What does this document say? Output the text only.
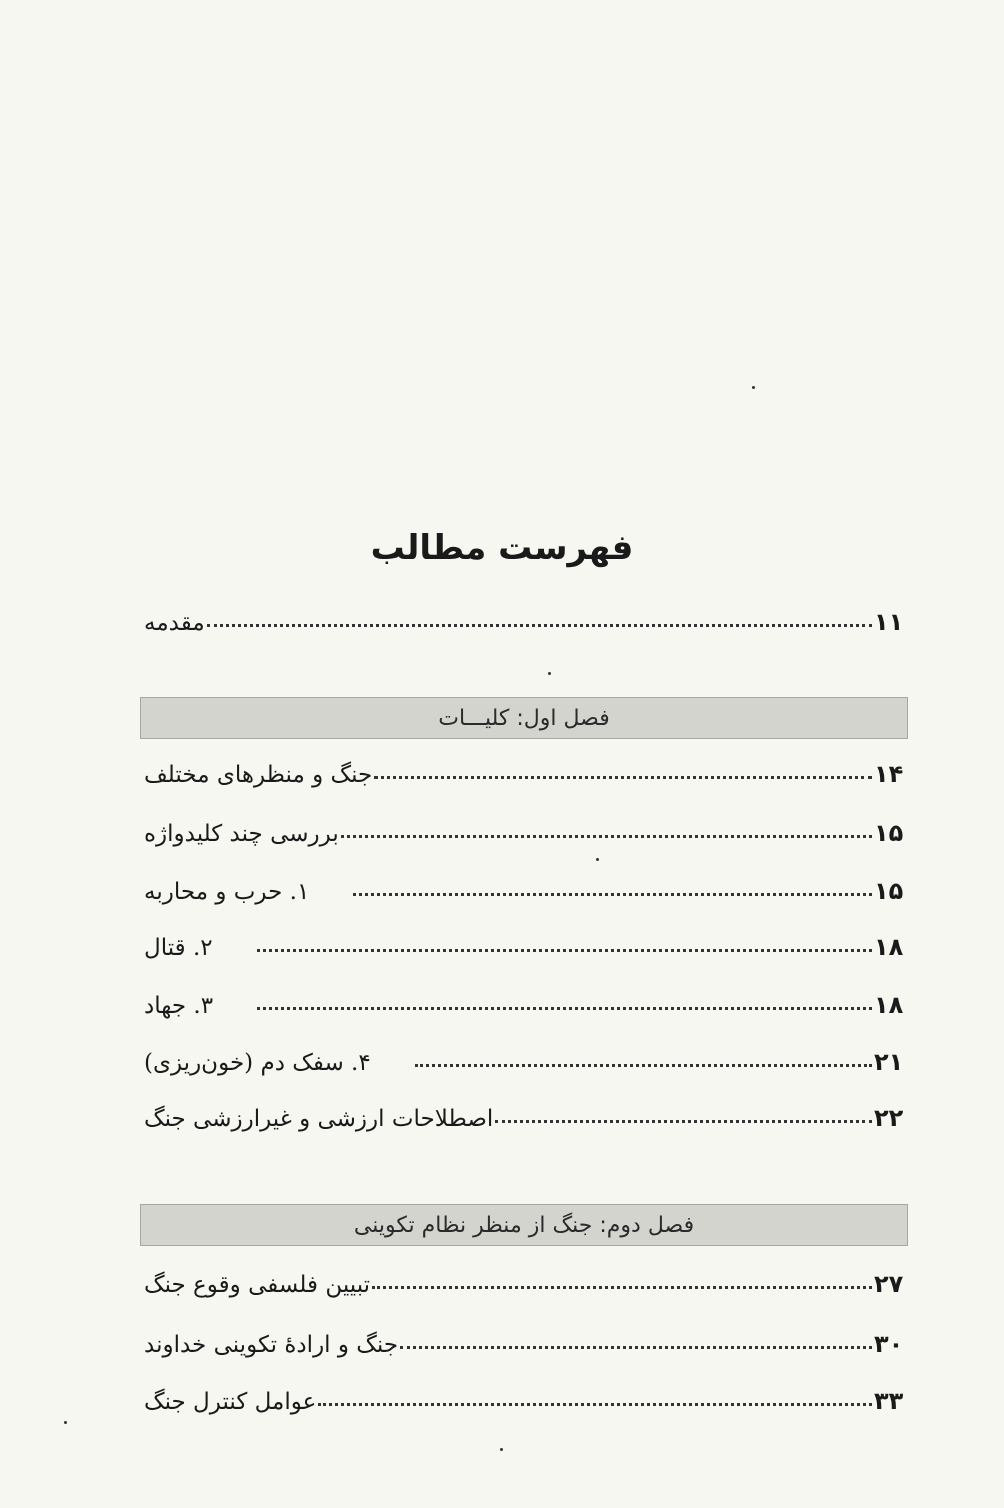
فهرست مطالب
مقدمه	۱۱
فصل اول: کلیـــات
جنگ و منظرهای مختلف	۱۴
بررسی چند کلیدواژه	۱۵
۱. حرب و محاربه	۱۵
۲. قتال	۱۸
۳. جهاد	۱۸
۴. سفک دم (خون‌ریزی)	۲۱
اصطلاحات ارزشی و غیرارزشی جنگ	۲۲
فصل دوم: جنگ از منظر نظام تکوینی
تبیین فلسفی وقوع جنگ	۲۷
جنگ و ارادهٔ تکوینی خداوند	۳۰
عوامل کنترل جنگ	۳۳
